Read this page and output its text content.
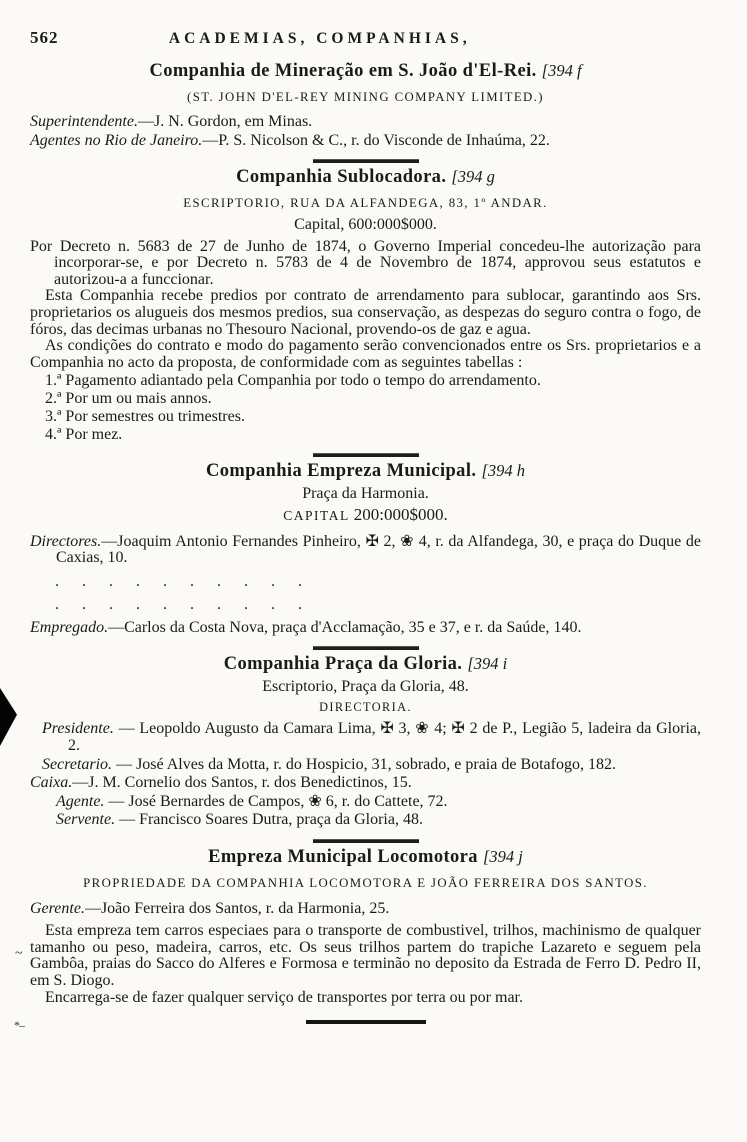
562	ACADEMIAS, COMPANHIAS,
Companhia de Mineração em S. João d'El-Rei. [394 f
(ST. JOHN D'EL-REY MINING COMPANY LIMITED.)

Superintendente.—J. N. Gordon, em Minas.

Agentes no Rio de Janeiro.—P. S. Nicolson & C., r. do Visconde de Inhaúma, 22.

Companhia Sublocadora. [394 g
ESCRIPTORIO, RUA DA ALFANDEGA, 83, 1º ANDAR.
Capital, 600:000$000.

Por Decreto n. 5683 de 27 de Junho de 1874, o Governo Imperial concedeu-lhe autorização para incorporar-se, e por Decreto n. 5783 de 4 de Novembro de 1874, approvou seus estatutos e autorizou-a a funccionar.

Esta Companhia recebe predios por contrato de arrendamento para sublocar, garantindo aos Srs. proprietarios os alugueis dos mesmos predios, sua conservação, as despezas do seguro contra o fogo, de fóros, das decimas urbanas no Thesouro Nacional, provendo-os de gaz e agua.

As condições do contrato e modo do pagamento serão convencionados entre os Srs. proprietarios e a Companhia no acto da proposta, de conformidade com as seguintes tabellas :

1.ª Pagamento adiantado pela Companhia por todo o tempo do arrendamento.

2.ª Por um ou mais annos.

3.ª Por semestres ou trimestres.

4.ª Por mez.

Companhia Empreza Municipal. [394 h
Praça da Harmonia.
CAPITAL 200:000$000.

Directores.—Joaquim Antonio Fernandes Pinheiro, ✠ 2, ❀ 4, r. da Alfandega, 30, e praça do Duque de Caxias, 10.

. . . . . . . . . .
. . . . . . . . . .

Empregado.—Carlos da Costa Nova, praça d'Acclamação, 35 e 37, e r. da Saúde, 140.

Companhia Praça da Gloria. [394 i
Escriptorio, Praça da Gloria, 48.
DIRECTORIA.

Presidente. — Leopoldo Augusto da Camara Lima, ✠ 3, ❀ 4; ✠ 2 de P., Legião 5, ladeira da Gloria, 2.

Secretario. — José Alves da Motta, r. do Hospicio, 31, sobrado, e praia de Botafogo, 182.

Caixa.—J. M. Cornelio dos Santos, r. dos Benedictinos, 15.

Agente. — José Bernardes de Campos, ❀ 6, r. do Cattete, 72.

Servente. — Francisco Soares Dutra, praça da Gloria, 48.

Empreza Municipal Locomotora [394 j
PROPRIEDADE DA COMPANHIA LOCOMOTORA E JOÃO FERREIRA DOS SANTOS.

Gerente.—João Ferreira dos Santos, r. da Harmonia, 25.

Esta empreza tem carros especiaes para o transporte de combustivel, trilhos, machinismo de qualquer tamanho ou peso, madeira, carros, etc. Os seus trilhos partem do trapiche Lazareto e seguem pela Gambôa, praias do Sacco do Alferes e Formosa e terminão no deposito da Estrada de Ferro D. Pedro II, em S. Diogo.

Encarrega-se de fazer qualquer serviço de transportes por terra ou por mar.

~
*‒
